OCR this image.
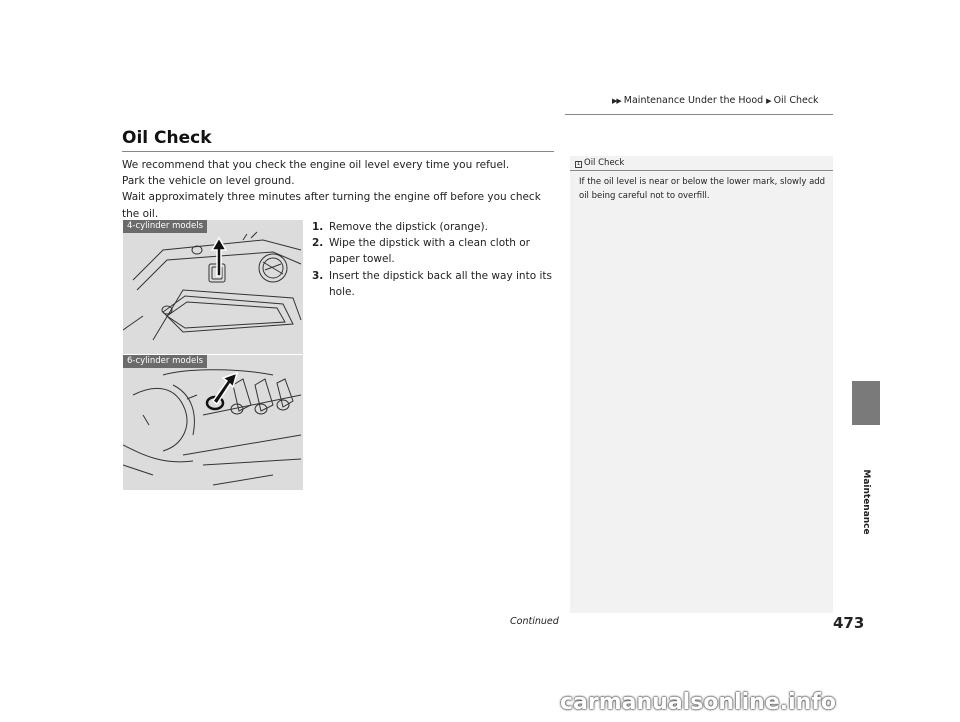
▶▶ Maintenance Under the Hood ▶ Oil Check
Oil Check
We recommend that you check the engine oil level every time you refuel.
Park the vehicle on level ground.
Wait approximately three minutes after turning the engine off before you check the oil.
1. Remove the dipstick (orange).
2. Wipe the dipstick with a clean cloth or paper towel.
3. Insert the dipstick back all the way into its hole.
4-cylinder models
6-cylinder models
1 Oil Check
If the oil level is near or below the lower mark, slowly add oil being careful not to overfill.
Maintenance
Continued	473
carmanualsonline.info
